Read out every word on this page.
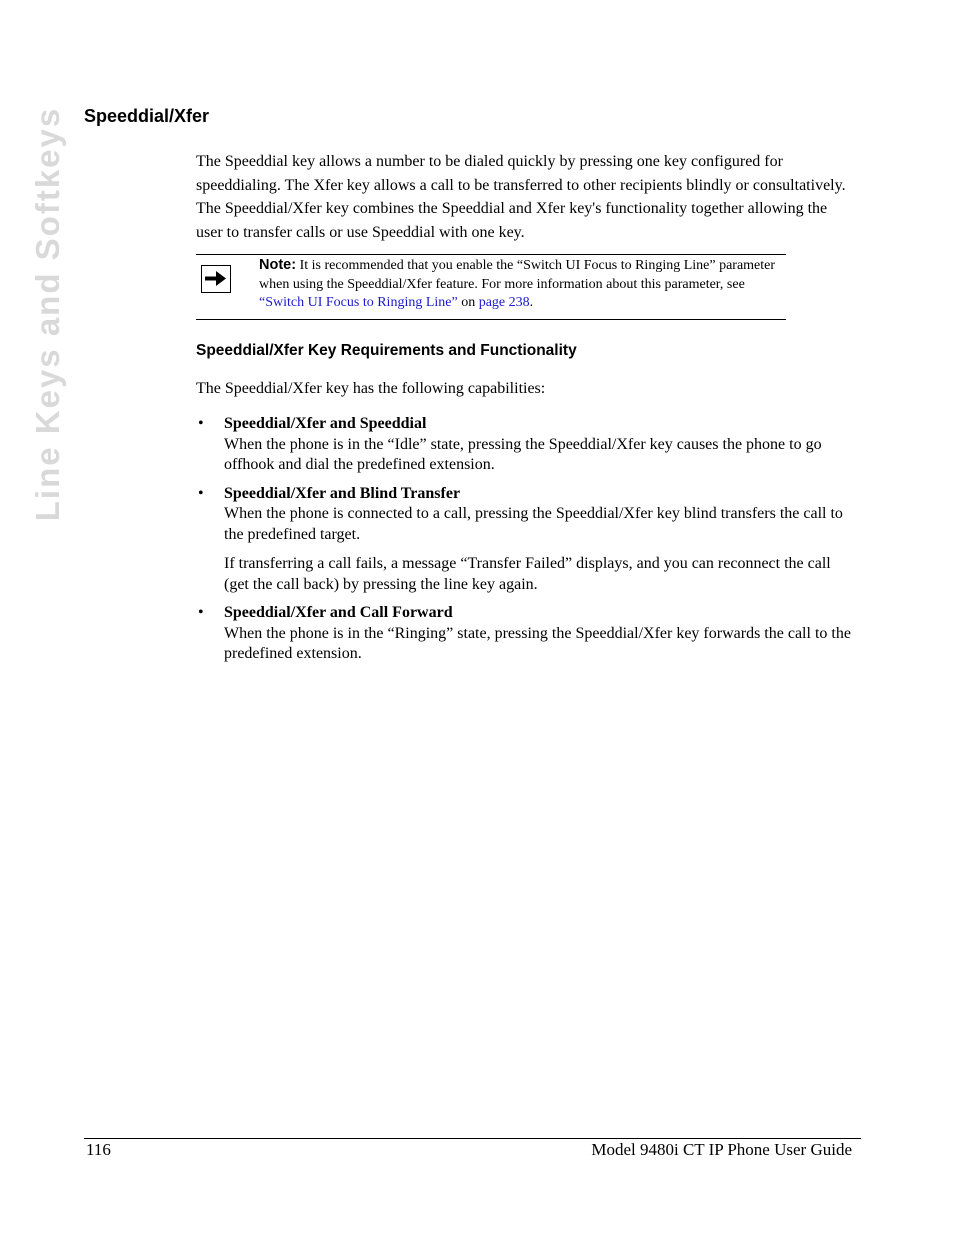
Line Keys and Softkeys Speeddial/Xfer

The Speeddial key allows a number to be dialed quickly by pressing one key configured for speeddialing. The Xfer key allows a call to be transferred to other recipients blindly or consultatively. The Speeddial/Xfer key combines the Speeddial and Xfer key's functionality together allowing the user to transfer calls or use Speeddial with one key.

Note: It is recommended that you enable the “Switch UI Focus to Ringing Line” parameter when using the Speeddial/Xfer feature. For more information about this parameter, see “Switch UI Focus to Ringing Line” on page 238.

Speeddial/Xfer Key Requirements and Functionality

The Speeddial/Xfer key has the following capabilities:

• Speeddial/Xfer and Speeddial

When the phone is in the “Idle” state, pressing the Speeddial/Xfer key causes the phone to go offhook and dial the predefined extension.

• Speeddial/Xfer and Blind Transfer

When the phone is connected to a call, pressing the Speeddial/Xfer key blind transfers the call to the predefined target.

If transferring a call fails, a message “Transfer Failed” displays, and you can reconnect the call (get the call back) by pressing the line key again.

• Speeddial/Xfer and Call Forward

When the phone is in the “Ringing” state, pressing the Speeddial/Xfer key forwards the call to the predefined extension.

116	Model 9480i CT IP Phone User Guide
